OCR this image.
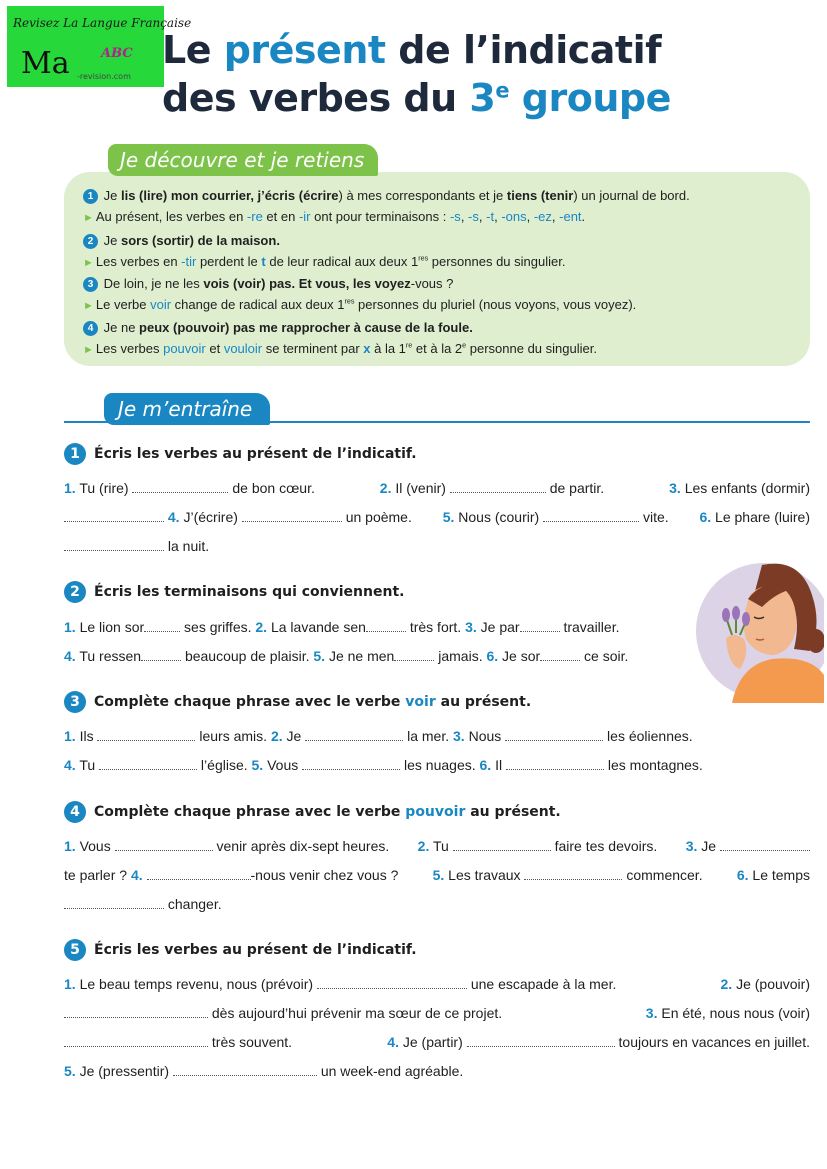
Revisez La Langue Française
Ma ABC
-revision.com
Le présent de l’indicatif
des verbes du 3e groupe
Je découvre et je retiens
1 Je lis (lire) mon courrier, j’écris (écrire) à mes correspondants et je tiens (tenir) un journal de bord.
► Au présent, les verbes en -re et en -ir ont pour terminaisons : -s, -s, -t, -ons, -ez, -ent.
2 Je sors (sortir) de la maison.
► Les verbes en -tir perdent le t de leur radical aux deux 1res personnes du singulier.
3 De loin, je ne les vois (voir) pas. Et vous, les voyez-vous ?
► Le verbe voir change de radical aux deux 1res personnes du pluriel (nous voyons, vous voyez).
4 Je ne peux (pouvoir) pas me rapprocher à cause de la foule.
► Les verbes pouvoir et vouloir se terminent par x à la 1re et à la 2e personne du singulier.
Je m’entraîne
1 Écris les verbes au présent de l’indicatif.
1. Tu (rire)	de bon cœur.	2. Il (venir)	de partir.	3. Les enfants (dormir)
4. J’(écrire)	un poème. 5. Nous (courir)	vite. 6. Le phare (luire)
la nuit.
2 Écris les terminaisons qui conviennent.
1. Le lion sor	ses griffes. 2. La lavande sen	très fort. 3. Je par	travailler.
4. Tu ressen	beaucoup de plaisir. 5. Je ne men	jamais. 6. Je sor	ce soir.
3 Complète chaque phrase avec le verbe voir au présent.
1. Ils	leurs amis. 2. Je	la mer. 3. Nous	les éoliennes.
4. Tu	l’église. 5. Vous	les nuages. 6. Il	les montagnes.
4 Complète chaque phrase avec le verbe pouvoir au présent.
1. Vous	venir après dix-sept heures. 2. Tu	faire tes devoirs. 3. Je
te parler ? 4.	-nous venir chez vous ? 5. Les travaux	commencer. 6. Le temps
changer.
5 Écris les verbes au présent de l’indicatif.
1. Le beau temps revenu, nous (prévoir)	une escapade à la mer.	2. Je (pouvoir)
dès aujourd’hui prévenir ma sœur de ce projet.	3. En été, nous nous (voir)
très souvent.	4. Je (partir)	toujours en vacances en juillet.
5. Je (pressentir)	un week-end agréable.
